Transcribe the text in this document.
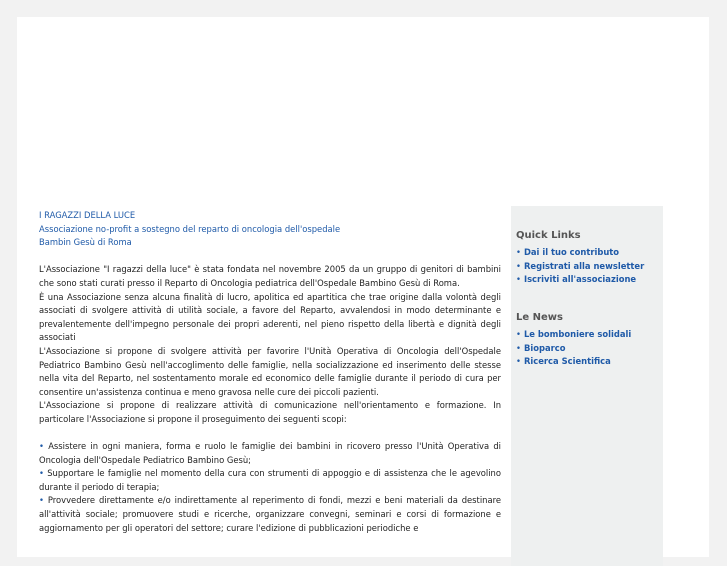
I RAGAZZI DELLA LUCE

Associazione no-profit a sostegno del reparto di oncologia dell'ospedale

Bambin Gesù di Roma

L'Associazione "I ragazzi della luce" è stata fondata nel novembre 2005 da un gruppo di genitori di bambini che sono stati curati presso il Reparto di Oncologia pediatrica dell'Ospedale Bambino Gesù di Roma.

È una Associazione senza alcuna finalità di lucro, apolitica ed apartitica che trae origine dalla volontà degli associati di svolgere attività di utilità sociale, a favore del Reparto, avvalendosi in modo determinante e prevalentemente dell'impegno personale dei propri aderenti, nel pieno rispetto della libertà e dignità degli associati

L'Associazione si propone di svolgere attività per favorire l'Unità Operativa di Oncologia dell'Ospedale Pediatrico Bambino Gesù nell'accoglimento delle famiglie, nella socializzazione ed inserimento delle stesse nella vita del Reparto, nel sostentamento morale ed economico delle famiglie durante il periodo di cura per consentire un'assistenza continua e meno gravosa nelle cure dei piccoli pazienti.

L'Associazione si propone di realizzare attività di comunicazione nell'orientamento e formazione. In particolare l'Associazione si propone il proseguimento dei seguenti scopi:

• Assistere in ogni maniera, forma e ruolo le famiglie dei bambini in ricovero presso l'Unità Operativa di Oncologia dell'Ospedale Pediatrico Bambino Gesù;

• Supportare le famiglie nel momento della cura con strumenti di appoggio e di assistenza che le agevolino durante il periodo di terapia;

• Provvedere direttamente e/o indirettamente al reperimento di fondi, mezzi e beni materiali da destinare all'attività sociale; promuovere studi e ricerche, organizzare convegni, seminari e corsi di formazione e aggiornamento per gli operatori del settore; curare l'edizione di pubblicazioni periodiche e

Quick Links
• Dai il tuo contributo
• Registrati alla newsletter
• Iscriviti all'associazione
Le News
• Le bomboniere solidali
• Bioparco
• Ricerca Scientifica
